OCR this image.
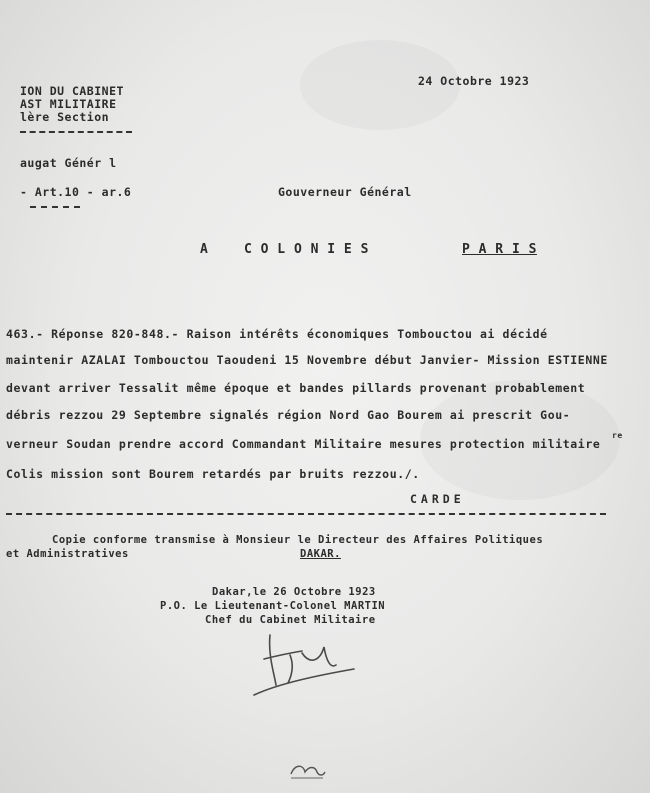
24 Octobre 1923
ION DU CABINET
AST MILITAIRE
lère Section
augat Génér l
- Art.10 - ar.6	Gouverneur Général
A	C O L O N I E S	P A R I S
463.- Réponse 820-848.- Raison intérêts économiques Tombouctou ai décidé
maintenir AZALAI Tombouctou Taoudeni 15 Novembre début Janvier- Mission ESTIENNE
devant arriver Tessalit même époque et bandes pillards provenant probablement
débris rezzou 29 Septembre signalés région Nord Gao Bourem ai prescrit Gou-
verneur Soudan prendre accord Commandant Militaire mesures protection militaire
re
Colis mission sont Bourem retardés par bruits rezzou./.
CARDE
Copie conforme transmise à Monsieur le Directeur des Affaires Politiques
et Administratives	DAKAR.
Dakar,le 26 Octobre 1923
P.O. Le Lieutenant-Colonel MARTIN
Chef du Cabinet Militaire
